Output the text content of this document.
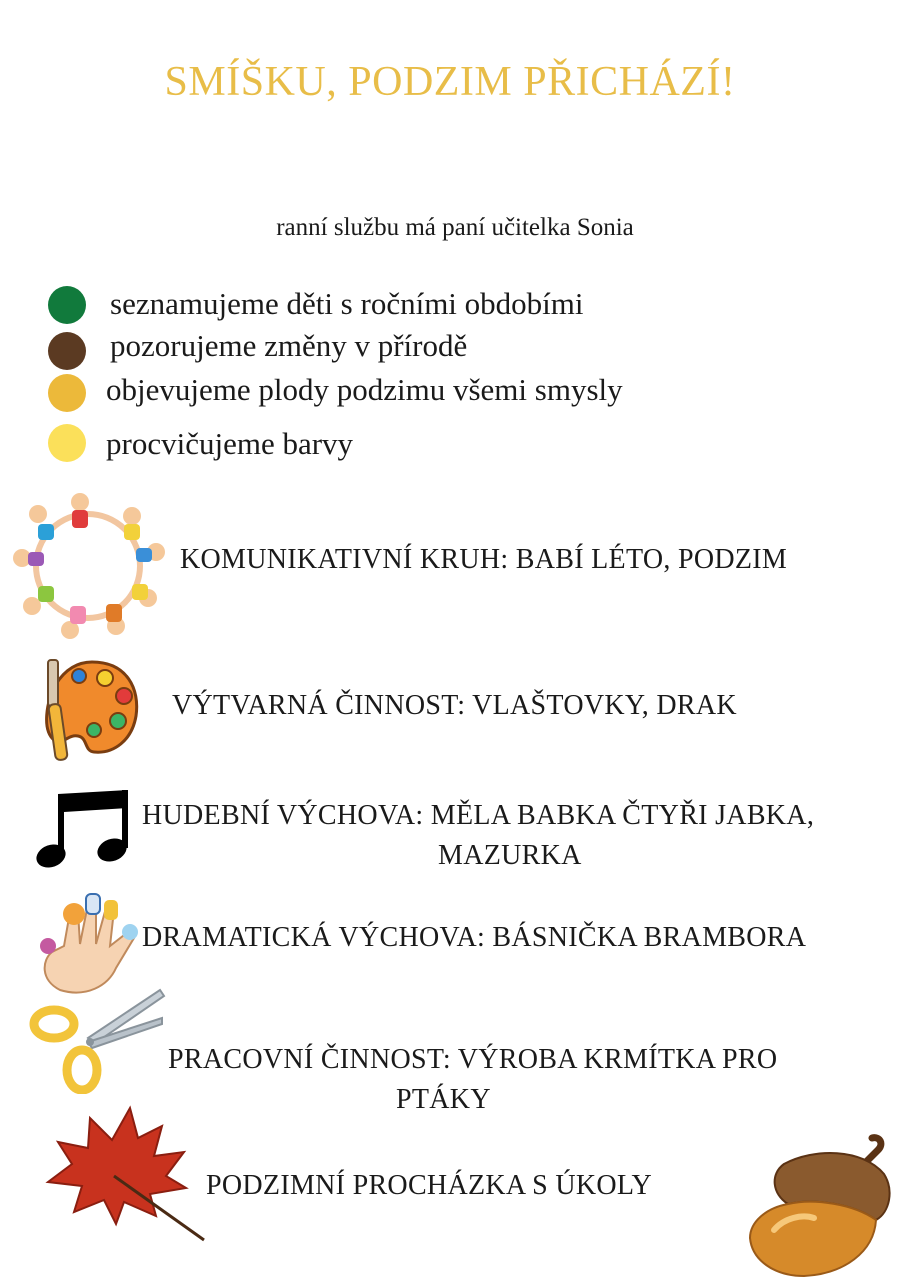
SMÍŠKU, PODZIM PŘICHÁZÍ!
ranní službu má paní učitelka Sonia
seznamujeme děti s ročními obdobími
pozorujeme změny v přírodě
objevujeme plody podzimu všemi smysly
procvičujeme barvy
KOMUNIKATIVNÍ KRUH: BABÍ LÉTO, PODZIM
VÝTVARNÁ ČINNOST: VLAŠTOVKY, DRAK
HUDEBNÍ VÝCHOVA: MĚLA BABKA ČTYŘI JABKA,
MAZURKA
DRAMATICKÁ VÝCHOVA: BÁSNIČKA BRAMBORA
PRACOVNÍ ČINNOST: VÝROBA KRMÍTKA PRO
PTÁKY
PODZIMNÍ PROCHÁZKA S ÚKOLY
